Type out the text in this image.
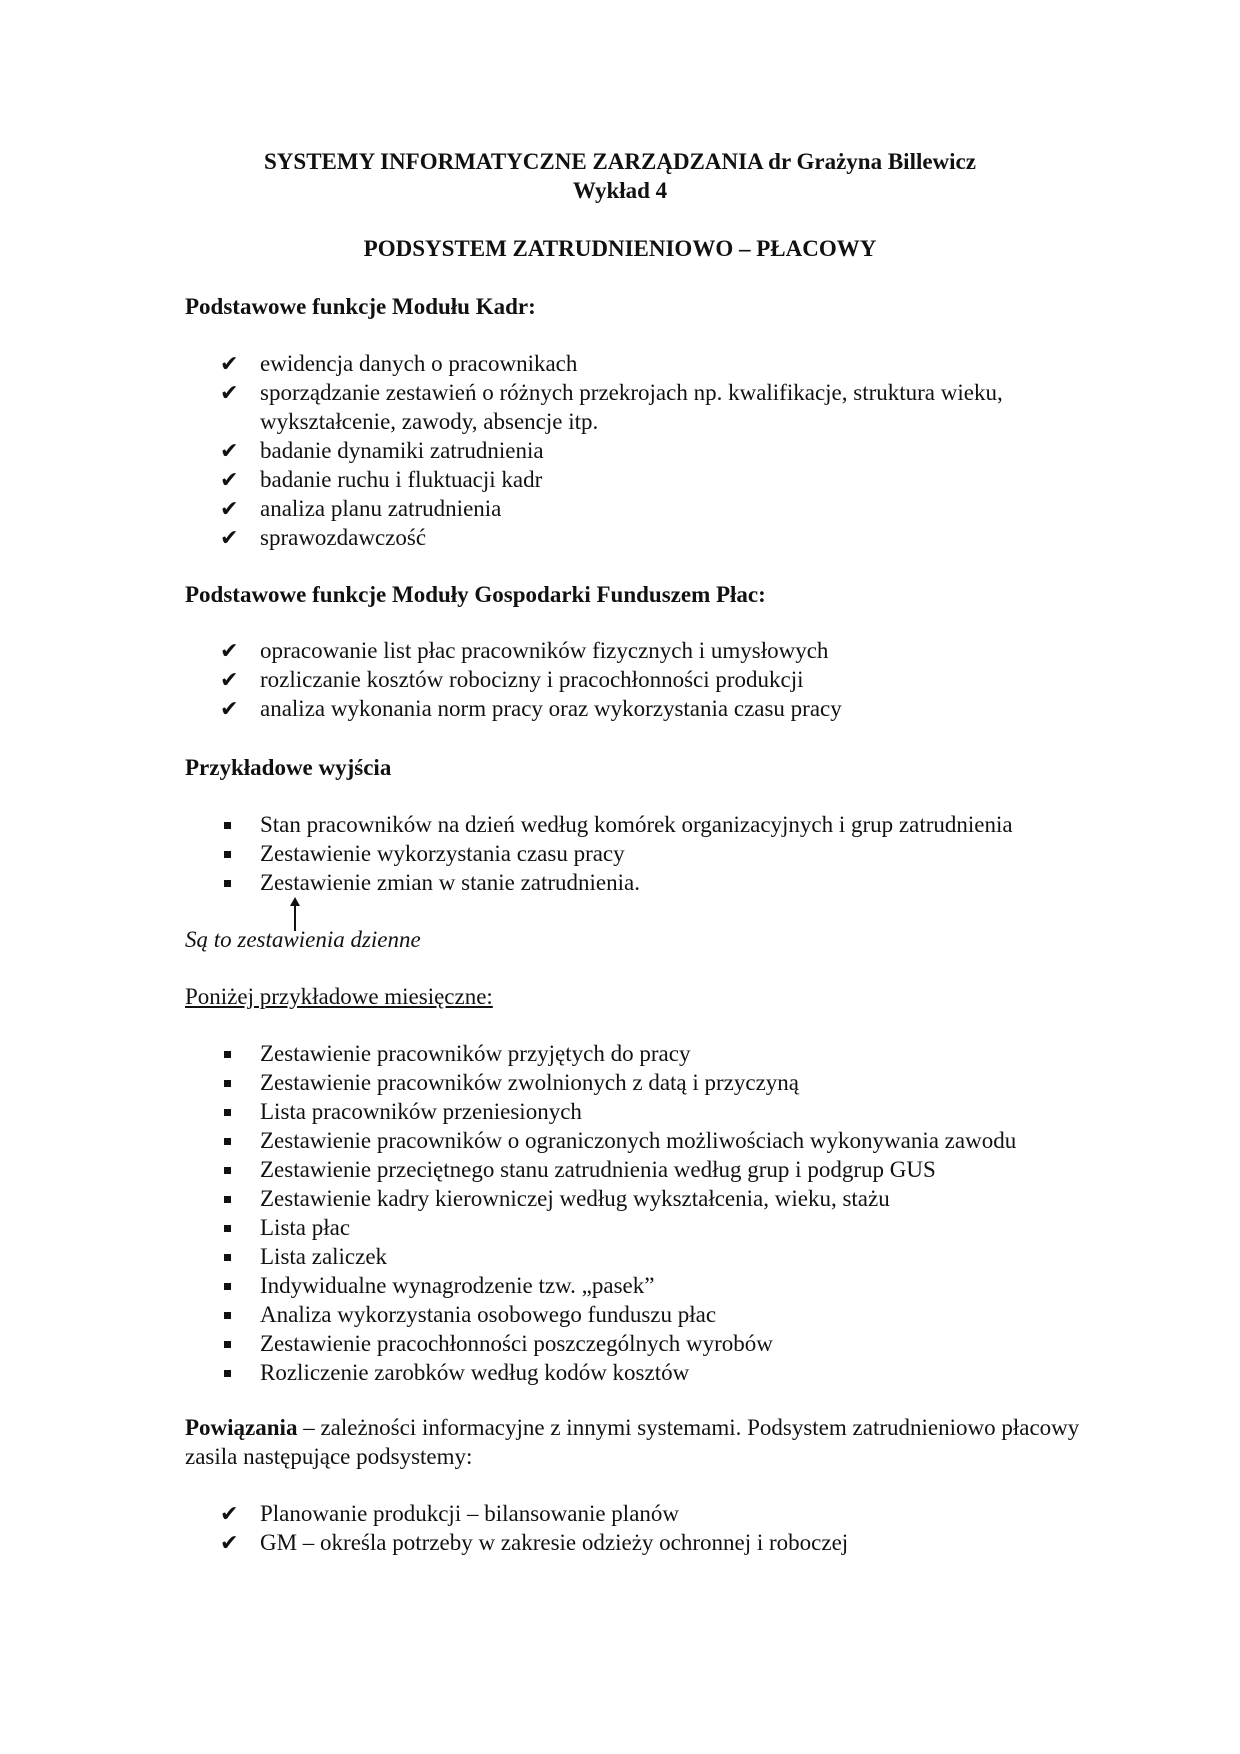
SYSTEMY INFORMATYCZNE ZARZĄDZANIA dr Grażyna Billewicz
Wykład 4
PODSYSTEM ZATRUDNIENIOWO – PŁACOWY
Podstawowe funkcje Modułu Kadr:
✔
ewidencja danych o pracownikach
✔
sporządzanie zestawień o różnych przekrojach np. kwalifikacje, struktura wieku, wykształcenie, zawody, absencje itp.
✔
badanie dynamiki zatrudnienia
✔
badanie ruchu i fluktuacji kadr
✔
analiza planu zatrudnienia
✔
sprawozdawczość
Podstawowe funkcje Moduły Gospodarki Funduszem Płac:
✔
opracowanie list płac pracowników fizycznych i umysłowych
✔
rozliczanie kosztów robocizny i pracochłonności produkcji
✔
analiza wykonania norm pracy oraz wykorzystania czasu pracy
Przykładowe wyjścia
Stan pracowników na dzień według komórek organizacyjnych i grup zatrudnienia
Zestawienie wykorzystania czasu pracy
Zestawienie zmian w stanie zatrudnienia.
Są to zestawienia dzienne
Poniżej przykładowe miesięczne:
Zestawienie pracowników przyjętych do pracy
Zestawienie pracowników zwolnionych z datą i przyczyną
Lista pracowników przeniesionych
Zestawienie pracowników o ograniczonych możliwościach wykonywania zawodu
Zestawienie przeciętnego stanu zatrudnienia według grup i podgrup GUS
Zestawienie kadry kierowniczej według wykształcenia, wieku, stażu
Lista płac
Lista zaliczek
Indywidualne wynagrodzenie tzw. „pasek”
Analiza wykorzystania osobowego funduszu płac
Zestawienie pracochłonności poszczególnych wyrobów
Rozliczenie zarobków według kodów kosztów
Powiązania – zależności informacyjne z innymi systemami. Podsystem zatrudnieniowo płacowy zasila następujące podsystemy:
✔
Planowanie produkcji – bilansowanie planów
✔
GM – określa potrzeby w zakresie odzieży ochronnej i roboczej
